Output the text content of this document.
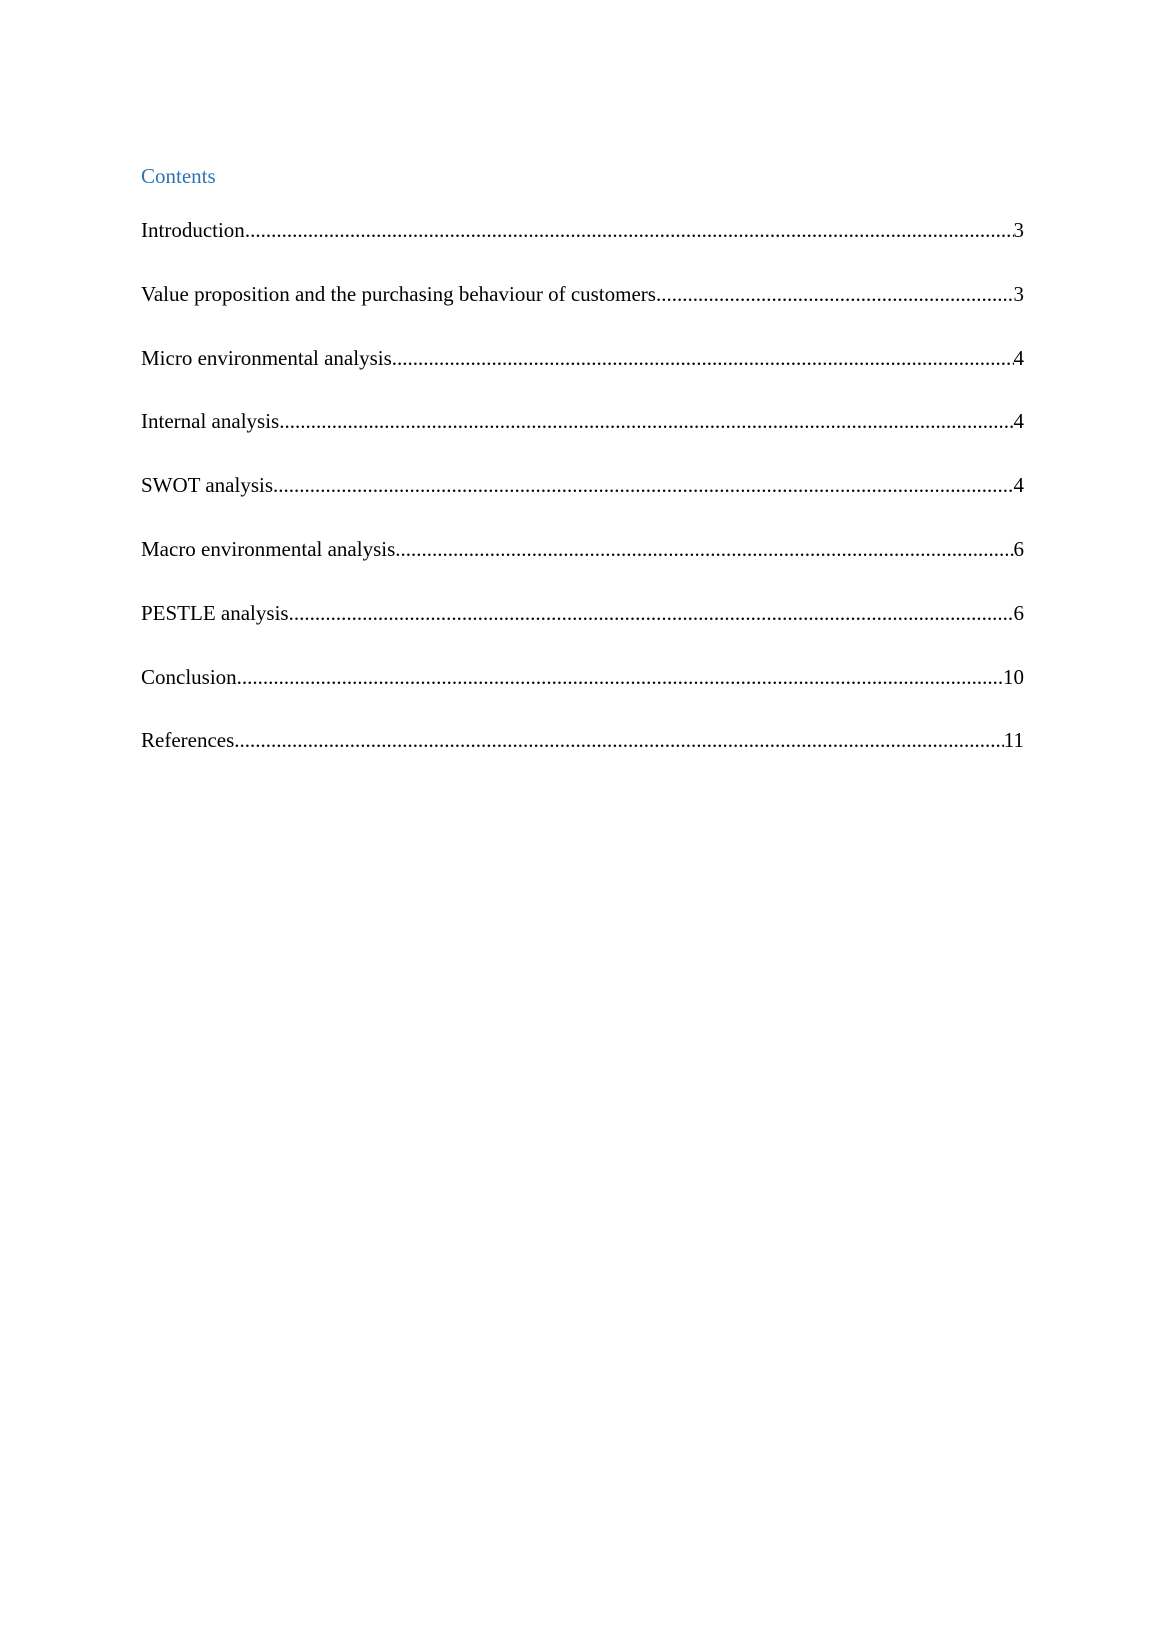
Contents
Introduction .....	3
Value proposition and the purchasing behaviour of customers .....	3
Micro environmental analysis .....	4
Internal analysis .....	4
SWOT analysis .....	4
Macro environmental analysis .....	6
PESTLE analysis .....	6
Conclusion .....	10
References .....	11
